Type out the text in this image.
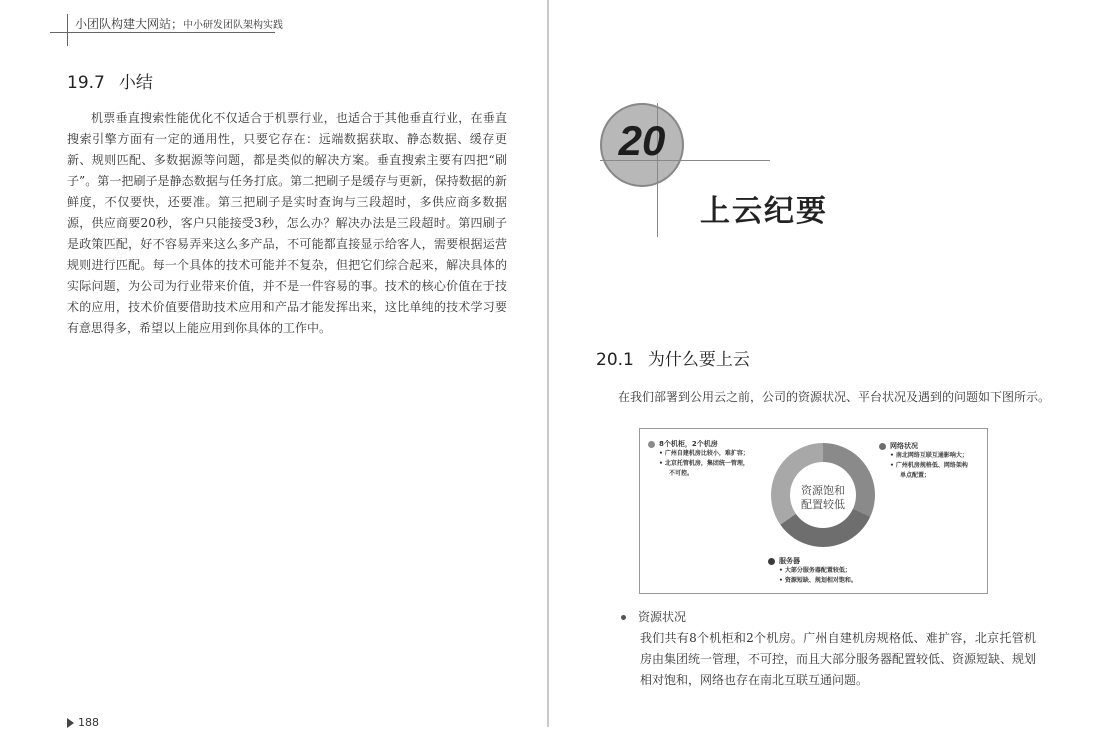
小团队构建大网站；中小研发团队架构实践
19.7 小结

机票垂直搜索性能优化不仅适合于机票行业，也适合于其他垂直行业，在垂直搜索引擎方面有一定的通用性，只要它存在：远端数据获取、静态数据、缓存更新、规则匹配、多数据源等问题，都是类似的解决方案。垂直搜索主要有四把“刷子”。第一把刷子是静态数据与任务打底。第二把刷子是缓存与更新，保持数据的新鲜度，不仅要快，还要准。第三把刷子是实时查询与三段超时，多供应商多数据源，供应商要20秒，客户只能接受3秒，怎么办？解决办法是三段超时。第四刷子是政策匹配，好不容易弄来这么多产品，不可能都直接显示给客人，需要根据运营规则进行匹配。每一个具体的技术可能并不复杂，但把它们综合起来，解决具体的实际问题，为公司为行业带来价值，并不是一件容易的事。技术的核心价值在于技术的应用，技术价值要借助技术应用和产品才能发挥出来，这比单纯的技术学习要有意思得多，希望以上能应用到你具体的工作中。

188
20
上云纪要
20.1 为什么要上云
在我们部署到公用云之前，公司的资源状况、平台状况及遇到的问题如下图所示。
资源饱和
配置较低
8个机柜，2个机房
• 广州自建机房比较小，难扩容；
• 北京托管机房，集团统一管理，
不可控。
网络状况
• 南北网络互联互通影响大；
• 广州机房规格低、网络架构
单点配置；
服务器
• 大部分服务器配置较低；
• 资源短缺、规划相对饱和。
资源状况

我们共有8个机柜和2个机房。广州自建机房规格低、难扩容，北京托管机房由集团统一管理，不可控，而且大部分服务器配置较低、资源短缺、规划相对饱和，网络也存在南北互联互通问题。
